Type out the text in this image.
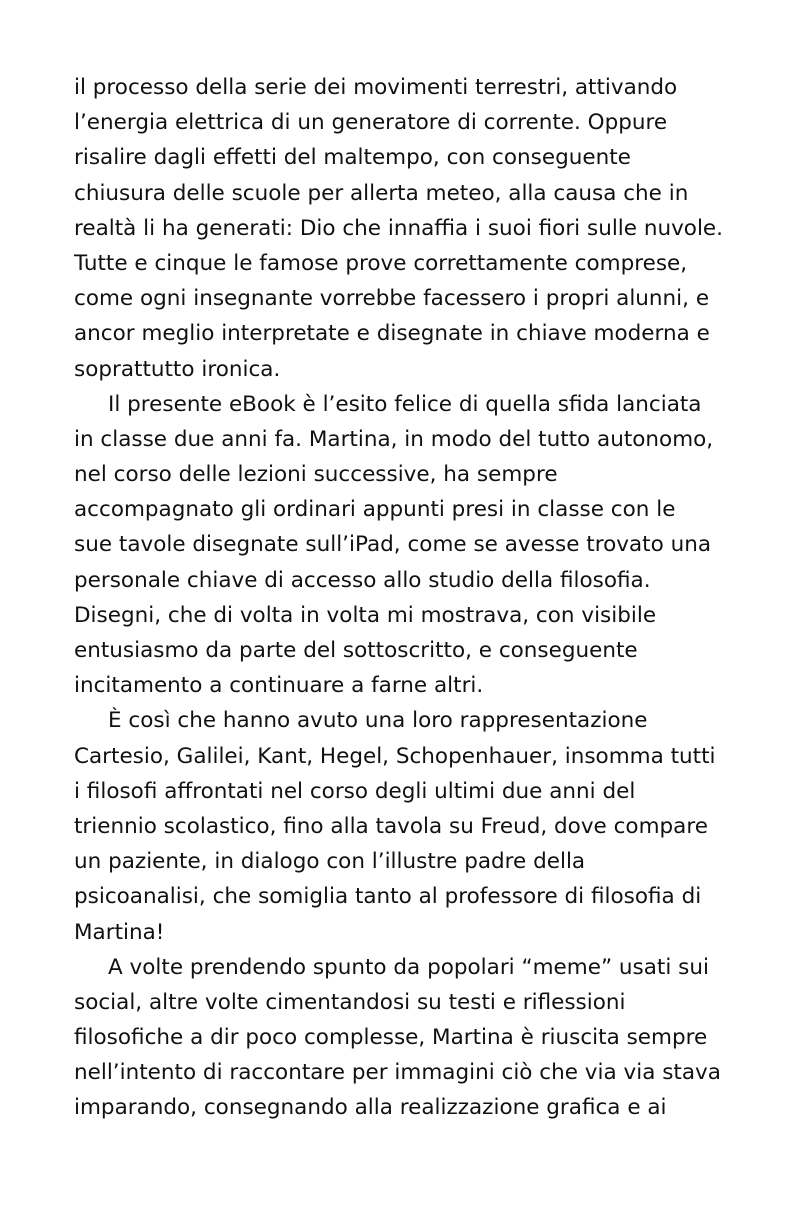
il processo della serie dei movimenti terrestri, attivando
l’energia elettrica di un generatore di corrente. Oppure
risalire dagli effetti del maltempo, con conseguente
chiusura delle scuole per allerta meteo, alla causa che in
realtà li ha generati: Dio che innaffia i suoi fiori sulle nuvole.
Tutte e cinque le famose prove correttamente comprese,
come ogni insegnante vorrebbe facessero i propri alunni, e
ancor meglio interpretate e disegnate in chiave moderna e
soprattutto ironica.

Il presente eBook è l’esito felice di quella sfida lanciata
in classe due anni fa. Martina, in modo del tutto autonomo,
nel corso delle lezioni successive, ha sempre
accompagnato gli ordinari appunti presi in classe con le
sue tavole disegnate sull’iPad, come se avesse trovato una
personale chiave di accesso allo studio della filosofia.
Disegni, che di volta in volta mi mostrava, con visibile
entusiasmo da parte del sottoscritto, e conseguente
incitamento a continuare a farne altri.

È così che hanno avuto una loro rappresentazione
Cartesio, Galilei, Kant, Hegel, Schopenhauer, insomma tutti
i filosofi affrontati nel corso degli ultimi due anni del
triennio scolastico, fino alla tavola su Freud, dove compare
un paziente, in dialogo con l’illustre padre della
psicoanalisi, che somiglia tanto al professore di filosofia di
Martina!

A volte prendendo spunto da popolari “meme” usati sui
social, altre volte cimentandosi su testi e riflessioni
filosofiche a dir poco complesse, Martina è riuscita sempre
nell’intento di raccontare per immagini ciò che via via stava
imparando, consegnando alla realizzazione grafica e ai
